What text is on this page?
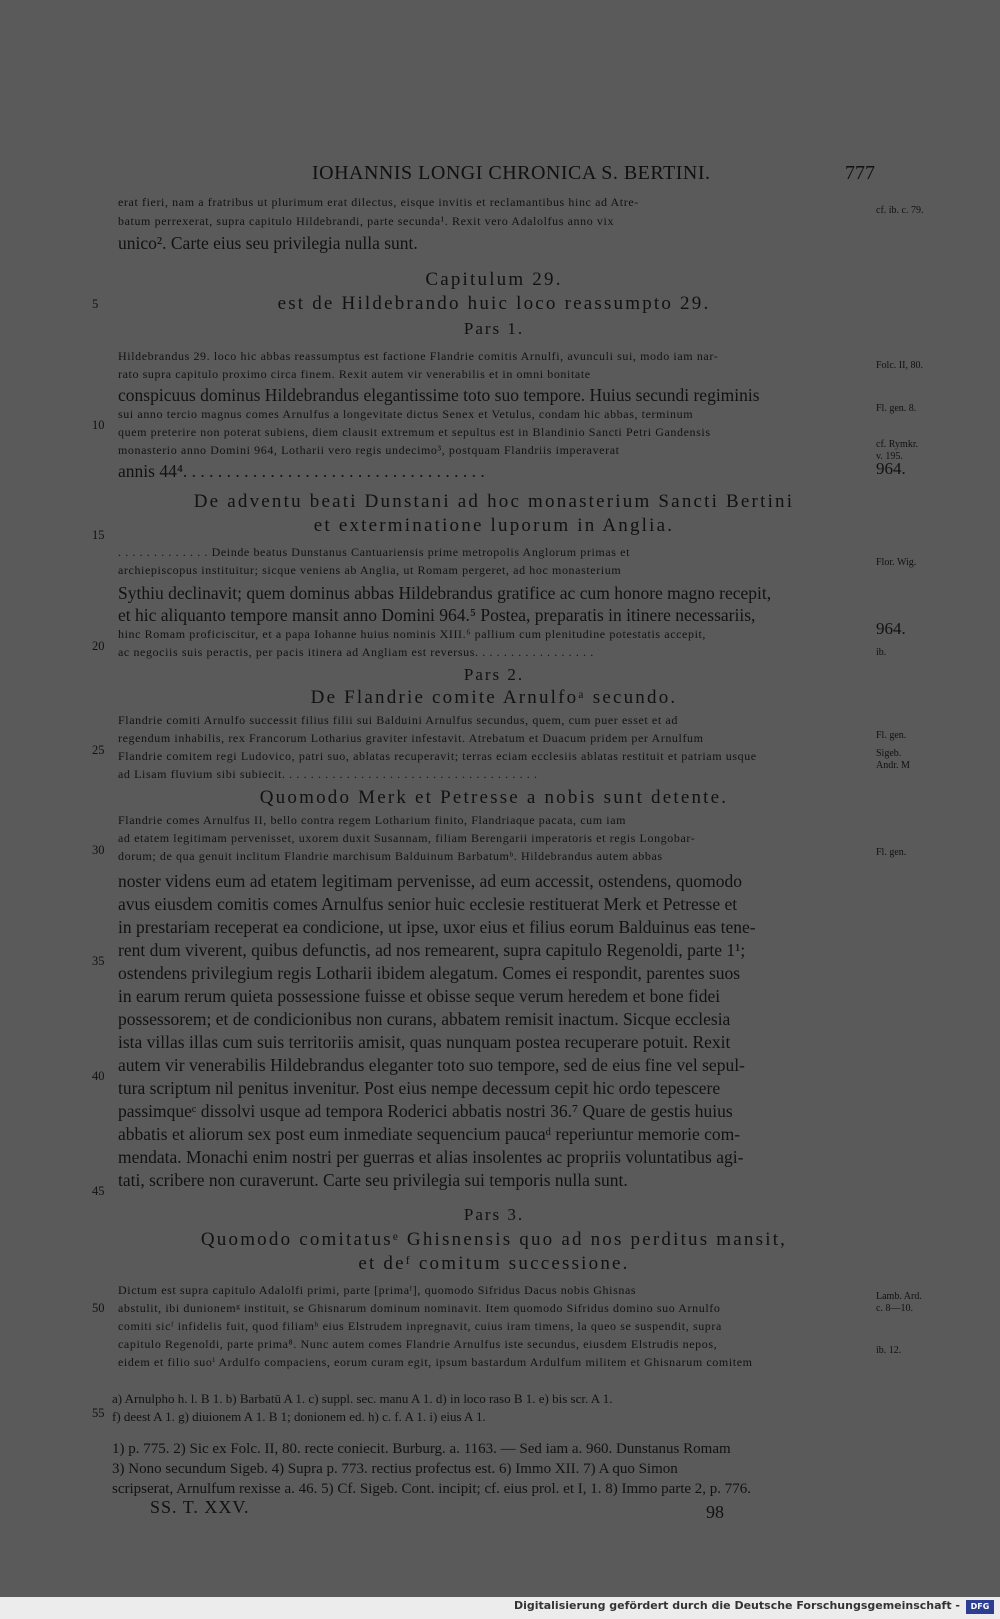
IOHANNIS LONGI CHRONICA S. BERTINI.	777
erat fieri, nam a fratribus ut plurimum erat dilectus, eisque invitis et reclamantibus hinc ad Atre-
batum perrexerat, supra capitulo Hildebrandi, parte secunda¹. Rexit vero Adalolfus anno vix
unico². Carte eius seu privilegia nulla sunt.
Capitulum 29.
est de Hildebrando huic loco reassumpto 29.
Pars 1.
Hildebrandus 29. loco hic abbas reassumptus est factione Flandrie comitis Arnulfi, avunculi sui, modo iam nar-
rato supra capitulo proximo circa finem. Rexit autem vir venerabilis et in omni bonitate
conspicuus dominus Hildebrandus elegantissime toto suo tempore. Huius secundi regiminis
sui anno tercio magnus comes Arnulfus a longevitate dictus Senex et Vetulus, condam hic abbas, terminum
quem preterire non poterat subiens, diem clausit extremum et sepultus est in Blandinio Sancti Petri Gandensis
monasterio anno Domini 964, Lotharii vero regis undecimo³, postquam Flandriis imperaverat
annis 44⁴. . . . . . . . . . . . . . . . . . . . . . . . . . . . . . . . . . .
De adventu beati Dunstani ad hoc monasterium Sancti Bertini
et exterminatione luporum in Anglia.
. . . . . . . . . . . . . Deinde beatus Dunstanus Cantuariensis prime metropolis Anglorum primas et
archiepiscopus instituitur; sicque veniens ab Anglia, ut Romam pergeret, ad hoc monasterium
Sythiu declinavit; quem dominus abbas Hildebrandus gratifice ac cum honore magno recepit,
et hic aliquanto tempore mansit anno Domini 964.⁵ Postea, preparatis in itinere necessariis,
hinc Romam proficiscitur, et a papa Iohanne huius nominis XIII.⁶ pallium cum plenitudine potestatis accepit,
ac negociis suis peractis, per pacis itinera ad Angliam est reversus. . . . . . . . . . . . . . . . .
Pars 2.
De Flandrie comite Arnulfoᵃ secundo.
Flandrie comiti Arnulfo successit filius filii sui Balduini Arnulfus secundus, quem, cum puer esset et ad
regendum inhabilis, rex Francorum Lotharius graviter infestavit. Atrebatum et Duacum pridem per Arnulfum
Flandrie comitem regi Ludovico, patri suo, ablatas recuperavit; terras eciam ecclesiis ablatas restituit et patriam usque
ad Lisam fluvium sibi subiecit. . . . . . . . . . . . . . . . . . . . . . . . . . . . . . . . . . . .
Quomodo Merk et Petresse a nobis sunt detente.
Flandrie comes Arnulfus II, bello contra regem Lotharium finito, Flandriaque pacata, cum iam
ad etatem legitimam pervenisset, uxorem duxit Susannam, filiam Berengarii imperatoris et regis Longobar-
dorum; de qua genuit inclitum Flandrie marchisum Balduinum Barbatumᵇ. Hildebrandus autem abbas
noster videns eum ad etatem legitimam pervenisse, ad eum accessit, ostendens, quomodo
avus eiusdem comitis comes Arnulfus senior huic ecclesie restituerat Merk et Petresse et
in prestariam receperat ea condicione, ut ipse, uxor eius et filius eorum Balduinus eas tene-
rent dum viverent, quibus defunctis, ad nos remearent, supra capitulo Regenoldi, parte 1¹;
ostendens privilegium regis Lotharii ibidem alegatum. Comes ei respondit, parentes suos
in earum rerum quieta possessione fuisse et obisse seque verum heredem et bone fidei
possessorem; et de condicionibus non curans, abbatem remisit inactum. Sicque ecclesia
ista villas illas cum suis territoriis amisit, quas nunquam postea recuperare potuit. Rexit
autem vir venerabilis Hildebrandus eleganter toto suo tempore, sed de eius fine vel sepul-
tura scriptum nil penitus invenitur. Post eius nempe decessum cepit hic ordo tepescere
passimqueᶜ dissolvi usque ad tempora Roderici abbatis nostri 36.⁷ Quare de gestis huius
abbatis et aliorum sex post eum inmediate sequencium paucaᵈ reperiuntur memorie com-
mendata. Monachi enim nostri per guerras et alias insolentes ac propriis voluntatibus agi-
tati, scribere non curaverunt. Carte seu privilegia sui temporis nulla sunt.
Pars 3.
Quomodo comitatusᵉ Ghisnensis quo ad nos perditus mansit,
et deᶠ comitum successione.
Dictum est supra capitulo Adalolfi primi, parte [primaᶠ], quomodo Sifridus Dacus nobis Ghisnas
abstulit, ibi dunionemᵍ instituit, se Ghisnarum dominum nominavit. Item quomodo Sifridus domino suo Arnulfo
comiti sicᶠ infidelis fuit, quod filiamʰ eius Elstrudem inpregnavit, cuius iram timens, la queo se suspendit, supra
capitulo Regenoldi, parte prima⁸. Nunc autem comes Flandrie Arnulfus iste secundus, eiusdem Elstrudis nepos,
eidem et filio suoⁱ Ardulfo compaciens, eorum curam egit, ipsum bastardum Ardulfum militem et Ghisnarum comitem
5
10
15
20
25
30
35
40
45
50
55
cf. ib. c. 79.
Folc. II, 80.
Fl. gen. 8.
cf. Rymkr.
v. 195.
964.
Flor. Wig.
964.
ib.
Fl. gen.
Sigeb.
Andr. M
Fl. gen.
Lamb. Ard.
c. 8—10.
ib. 12.
a) Arnulpho h. l. B 1. b) Barbatū A 1. c) suppl. sec. manu A 1. d) in loco raso B 1. e) bis scr. A 1.
f) deest A 1. g) diuionem A 1. B 1; donionem ed. h) c. f. A 1. i) eius A 1.
1) p. 775. 2) Sic ex Folc. II, 80. recte coniecit. Burburg. a. 1163. — Sed iam a. 960. Dunstanus Romam
3) Nono secundum Sigeb. 4) Supra p. 773. rectius profectus est. 6) Immo XII. 7) A quo Simon
scripserat, Arnulfum rexisse a. 46. 5) Cf. Sigeb. Cont. incipit; cf. eius prol. et I, 1. 8) Immo parte 2, p. 776.
SS. T. XXV.	98
Digitalisierung gefördert durch die Deutsche Forschungsgemeinschaft -	DFG
